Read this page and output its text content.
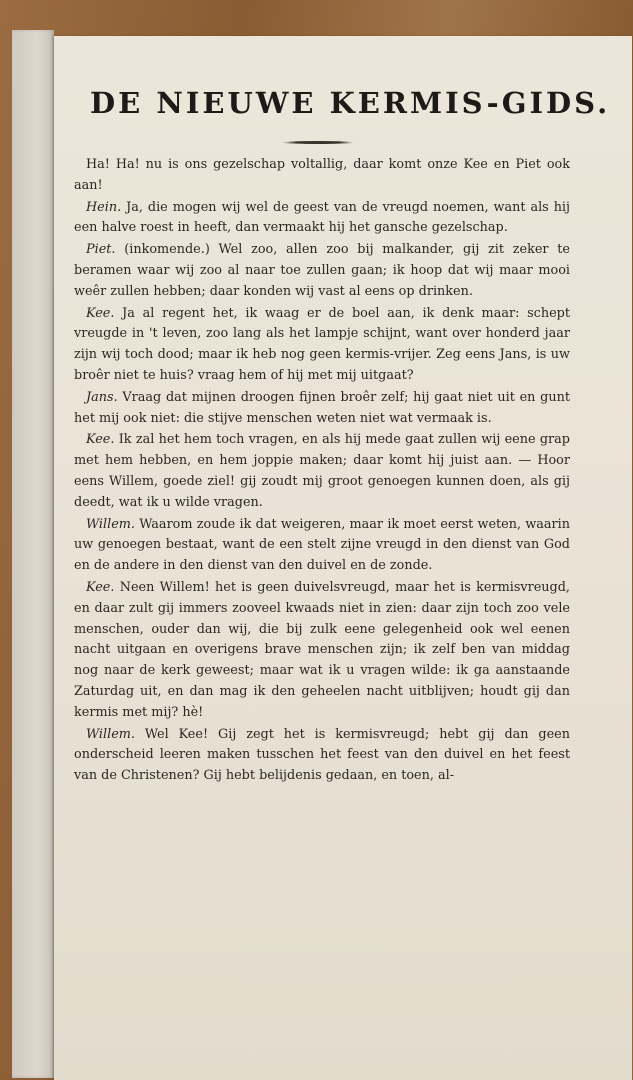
DE NIEUWE KERMIS-GIDS.

Ha! Ha! nu is ons gezelschap voltallig, daar komt onze Kee en Piet ook aan!

Hein. Ja, die mogen wij wel de geest van de vreugd noemen, want als hij een halve roest in heeft, dan vermaakt hij het gansche gezelschap.

Piet. (inkomende.) Wel zoo, allen zoo bij malkander, gij zit zeker te beramen waar wij zoo al naar toe zullen gaan; ik hoop dat wij maar mooi weêr zullen hebben; daar konden wij vast al eens op drinken.

Kee. Ja al regent het, ik waag er de boel aan, ik denk maar: schept vreugde in 't leven, zoo lang als het lampje schijnt, want over honderd jaar zijn wij toch dood; maar ik heb nog geen kermis-vrijer. Zeg eens Jans, is uw broêr niet te huis? vraag hem of hij met mij uitgaat?

Jans. Vraag dat mijnen droogen fijnen broêr zelf; hij gaat niet uit en gunt het mij ook niet: die stijve menschen weten niet wat vermaak is.

Kee. Ik zal het hem toch vragen, en als hij mede gaat zullen wij eene grap met hem hebben, en hem joppie maken; daar komt hij juist aan. — Hoor eens Willem, goede ziel! gij zoudt mij groot genoegen kunnen doen, als gij deedt, wat ik u wilde vragen.

Willem. Waarom zoude ik dat weigeren, maar ik moet eerst weten, waarin uw genoegen bestaat, want de een stelt zijne vreugd in den dienst van God en de andere in den dienst van den duivel en de zonde.

Kee. Neen Willem! het is geen duivelsvreugd, maar het is kermisvreugd, en daar zult gij immers zooveel kwaads niet in zien: daar zijn toch zoo vele menschen, ouder dan wij, die bij zulk eene gelegenheid ook wel eenen nacht uitgaan en overigens brave menschen zijn; ik zelf ben van middag nog naar de kerk geweest; maar wat ik u vragen wilde: ik ga aanstaande Zaturdag uit, en dan mag ik den geheelen nacht uitblijven; houdt gij dan kermis met mij? hè!

Willem. Wel Kee! Gij zegt het is kermisvreugd; hebt gij dan geen onderscheid leeren maken tusschen het feest van den duivel en het feest van de Christenen? Gij hebt belijdenis gedaan, en toen, al-
